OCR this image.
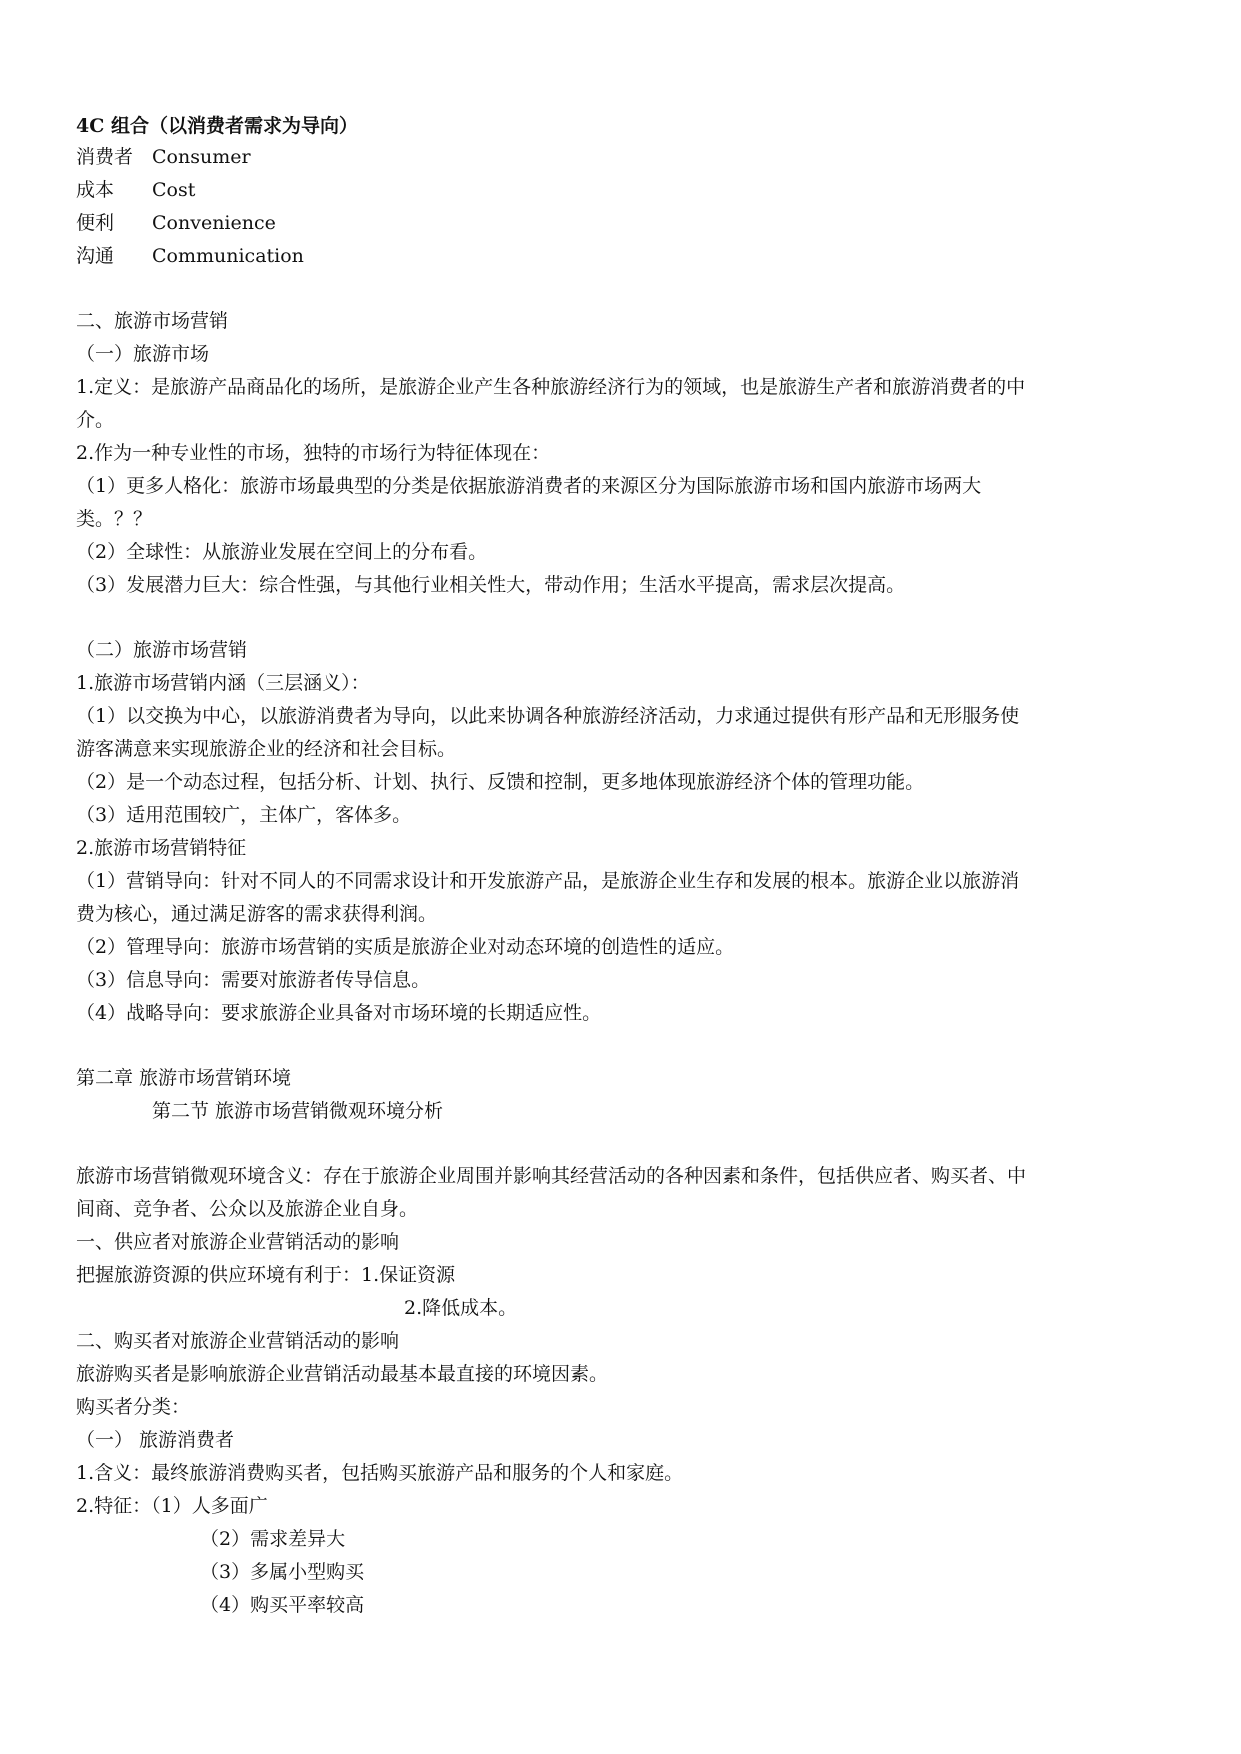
4C 组合（以消费者需求为导向）
消费者 Consumer
成本 Cost
便利 Convenience
沟通 Communication
二、旅游市场营销
（一）旅游市场
1.定义：是旅游产品商品化的场所，是旅游企业产生各种旅游经济行为的领域，也是旅游生产者和旅游消费者的中
介。
2.作为一种专业性的市场，独特的市场行为特征体现在：
（1）更多人格化：旅游市场最典型的分类是依据旅游消费者的来源区分为国际旅游市场和国内旅游市场两大
类。？？
（2）全球性：从旅游业发展在空间上的分布看。
（3）发展潜力巨大：综合性强，与其他行业相关性大，带动作用；生活水平提高，需求层次提高。
（二）旅游市场营销
1.旅游市场营销内涵（三层涵义）：
（1）以交换为中心，以旅游消费者为导向，以此来协调各种旅游经济活动，力求通过提供有形产品和无形服务使
游客满意来实现旅游企业的经济和社会目标。
（2）是一个动态过程，包括分析、计划、执行、反馈和控制，更多地体现旅游经济个体的管理功能。
（3）适用范围较广，主体广，客体多。
2.旅游市场营销特征
（1）营销导向：针对不同人的不同需求设计和开发旅游产品，是旅游企业生存和发展的根本。旅游企业以旅游消
费为核心，通过满足游客的需求获得利润。
（2）管理导向：旅游市场营销的实质是旅游企业对动态环境的创造性的适应。
（3）信息导向：需要对旅游者传导信息。
（4）战略导向：要求旅游企业具备对市场环境的长期适应性。
第二章 旅游市场营销环境
第二节 旅游市场营销微观环境分析
旅游市场营销微观环境含义：存在于旅游企业周围并影响其经营活动的各种因素和条件，包括供应者、购买者、中
间商、竞争者、公众以及旅游企业自身。
一、供应者对旅游企业营销活动的影响
把握旅游资源的供应环境有利于：1.保证资源
2.降低成本。
二、购买者对旅游企业营销活动的影响
旅游购买者是影响旅游企业营销活动最基本最直接的环境因素。
购买者分类：
（一） 旅游消费者
1.含义：最终旅游消费购买者，包括购买旅游产品和服务的个人和家庭。
2.特征：（1）人多面广
（2）需求差异大
（3）多属小型购买
（4）购买平率较高
